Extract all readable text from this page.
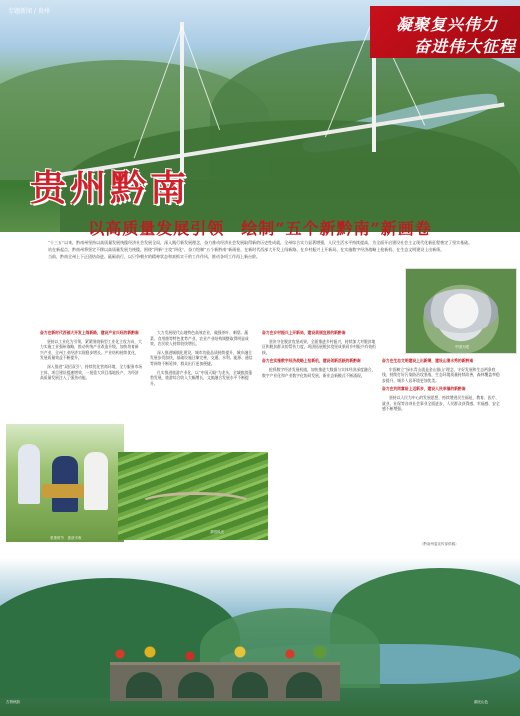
专题新闻 / 贵州
凝聚复兴伟力
奋进伟大征程
贵州黔南
以高质量发展引领　绘制“五个新黔南”新画卷

“十三五”以来，黔南州坚持以高质量发展统揽经济社会发展全局，深入践行新发展理念，奋力推动经济社会发展取得新的历史性成就，全州综合实力显著增强，人民生活水平持续提高，为全面开启建设社会主义现代化新征程奠定了坚实基础。

站在新起点，黔南州将坚定不移以高质量发展为统揽，围绕“四新”主攻“四化”，奋力绘制“五个新黔南”新画卷，在新时代西部大开发上闯新路、在乡村振兴上开新局、在实施数字经济战略上抢新机、在生态文明建设上出新绩。

当前，黔南全州上下正团结奋进、砥砺前行，以只争朝夕的精神状态和真抓实干的工作作风，推动各项工作再上新台阶。

中国天眼

奋力在新时代西部大开发上闯新路，建设产业兴旺的新黔南

坚持以工业化为引领，紧紧围绕新型工业化主攻方向，大力实施工业强州战略，推动传统产业改造升级，加快培育新兴产业，全州工业经济实现稳步增长，产业结构持续优化，发展质量效益不断提升。

深入推进“双招双引”，持续优化营商环境，全力服务市场主体，项目建设提速增效，一批重大项目落地投产，为经济高质量发展注入了强劲动能。

大力发展现代山地特色高效农业，做强茶叶、刺梨、蔬菜、食用菌等特色优势产业，农业产业结构调整取得明显成效，农民收入持续较快增长。

深入推进城镇化建设，城市功能品质持续提升，城乡融合发展步伐加快，基础设施日臻完善，交通、水利、能源、通信等网络不断延伸，群众出行更加便捷。

扎实推进旅游产业化，以“中国天眼”为龙头，全域旅游蓬勃发展，旅游综合收入大幅增长，文旅融合发展水平不断提升。

奋力在乡村振兴上开新局，建设美丽宜居的新黔南

坚决守住脱贫攻坚成果，全面推进乡村振兴，持续加大对脱贫地区和脱贫群众的帮扶力度，巩固拓展脱贫攻坚成果同乡村振兴有效衔接。

奋力在实施数字经济战略上抢新机，建设创新活跃的新黔南

抢抓数字经济发展机遇，加快推进大数据与实体经济深度融合，数字产业化和产业数字化协同发展，新业态新模式不断涌现。

奋力在生态文明建设上出新绩，建设山清水秀的新黔南

牢固树立“绿水青山就是金山银山”理念，守好发展和生态两条底线，持续打好污染防治攻坚战，生态环境质量持续改善，森林覆盖率稳步提升，城乡人居环境更加优美。

奋力在共同富裕上迈新步，建设人民幸福的新黔南

坚持以人民为中心的发展思想，持续增进民生福祉，教育、医疗、就业、社保等各项社会事业全面进步，人民群众获得感、幸福感、安全感不断增强。

采茶时节　喜获丰收
茶园风光
（黔南州委宣传部供稿）
古桥秋韵	湖光山色
